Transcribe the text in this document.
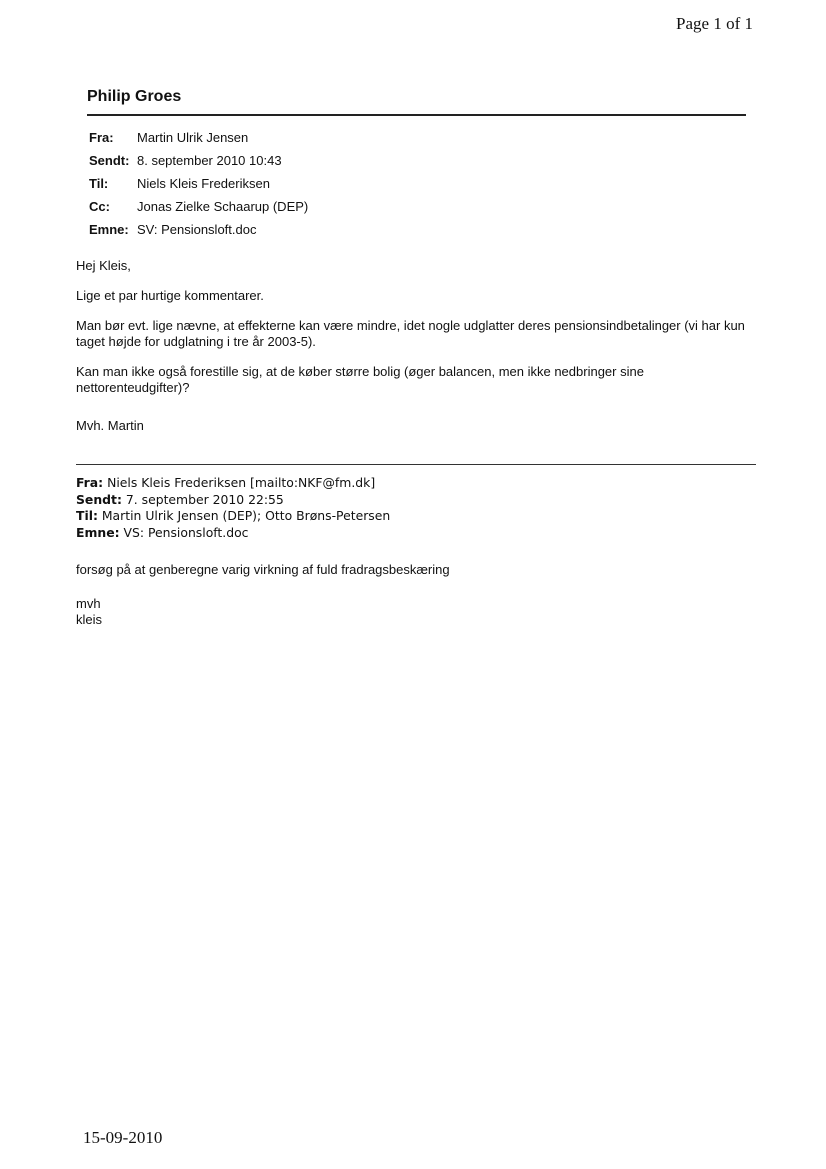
Page 1 of 1
Philip Groes
Fra:	Martin Ulrik Jensen
Sendt: 8. september 2010 10:43
Til:	Niels Kleis Frederiksen
Cc:	Jonas Zielke Schaarup (DEP)
Emne: SV: Pensionsloft.doc

Hej Kleis,

Lige et par hurtige kommentarer.

Man bør evt. lige nævne, at effekterne kan være mindre, idet nogle udglatter deres pensionsindbetalinger (vi har kun taget højde for udglatning i tre år 2003-5).

Kan man ikke også forestille sig, at de køber større bolig (øger balancen, men ikke nedbringer sine nettorenteudgifter)?

Mvh. Martin

Fra: Niels Kleis Frederiksen [mailto:NKF@fm.dk]
Sendt: 7. september 2010 22:55
Til: Martin Ulrik Jensen (DEP); Otto Brøns-Petersen
Emne: VS: Pensionsloft.doc

forsøg på at genberegne varig virkning af fuld fradragsbeskæring

mvh
kleis
15-09-2010
